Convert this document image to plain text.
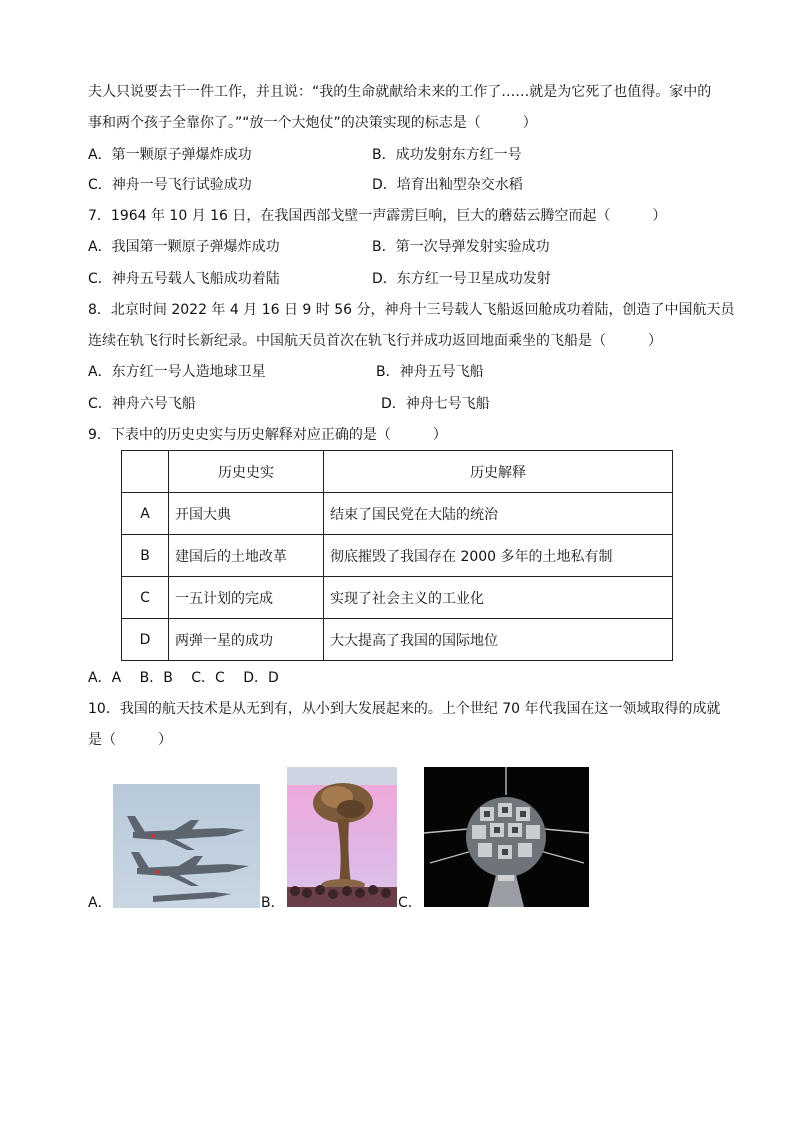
夫人只说要去干一件工作，并且说：“我的生命就献给未来的工作了……就是为它死了也值得。家中的
事和两个孩子全靠你了。”“放一个大炮仗”的决策实现的标志是（　　　）
A．第一颗原子弹爆炸成功	B．成功发射东方红一号
C．神舟一号飞行试验成功	D．培育出籼型杂交水稻
7．1964 年 10 月 16 日，在我国西部戈壁一声霹雳巨响，巨大的蘑菇云腾空而起（　　　）
A．我国第一颗原子弹爆炸成功	B．第一次导弹发射实验成功
C．神舟五号载人飞船成功着陆	D．东方红一号卫星成功发射
8．北京时间 2022 年 4 月 16 日 9 时 56 分，神舟十三号载人飞船返回舱成功着陆，创造了中国航天员
连续在轨飞行时长新纪录。中国航天员首次在轨飞行并成功返回地面乘坐的飞船是（　　　）
A．东方红一号人造地球卫星	B．神舟五号飞船
C．神舟六号飞船	D．神舟七号飞船
9．下表中的历史史实与历史解释对应正确的是（　　　）
	历史史实	历史解释
A	开国大典	结束了国民党在大陆的统治
B	建国后的土地改革	彻底摧毁了我国存在 2000 多年的土地私有制
C	一五计划的完成	实现了社会主义的工业化
D	两弹一星的成功	大大提高了我国的国际地位
A．A　 B．B　 C．C　 D．D
10．我国的航天技术是从无到有，从小到大发展起来的。上个世纪 70 年代我国在这一领域取得的成就
是（　　　）
A．	B．	C．
